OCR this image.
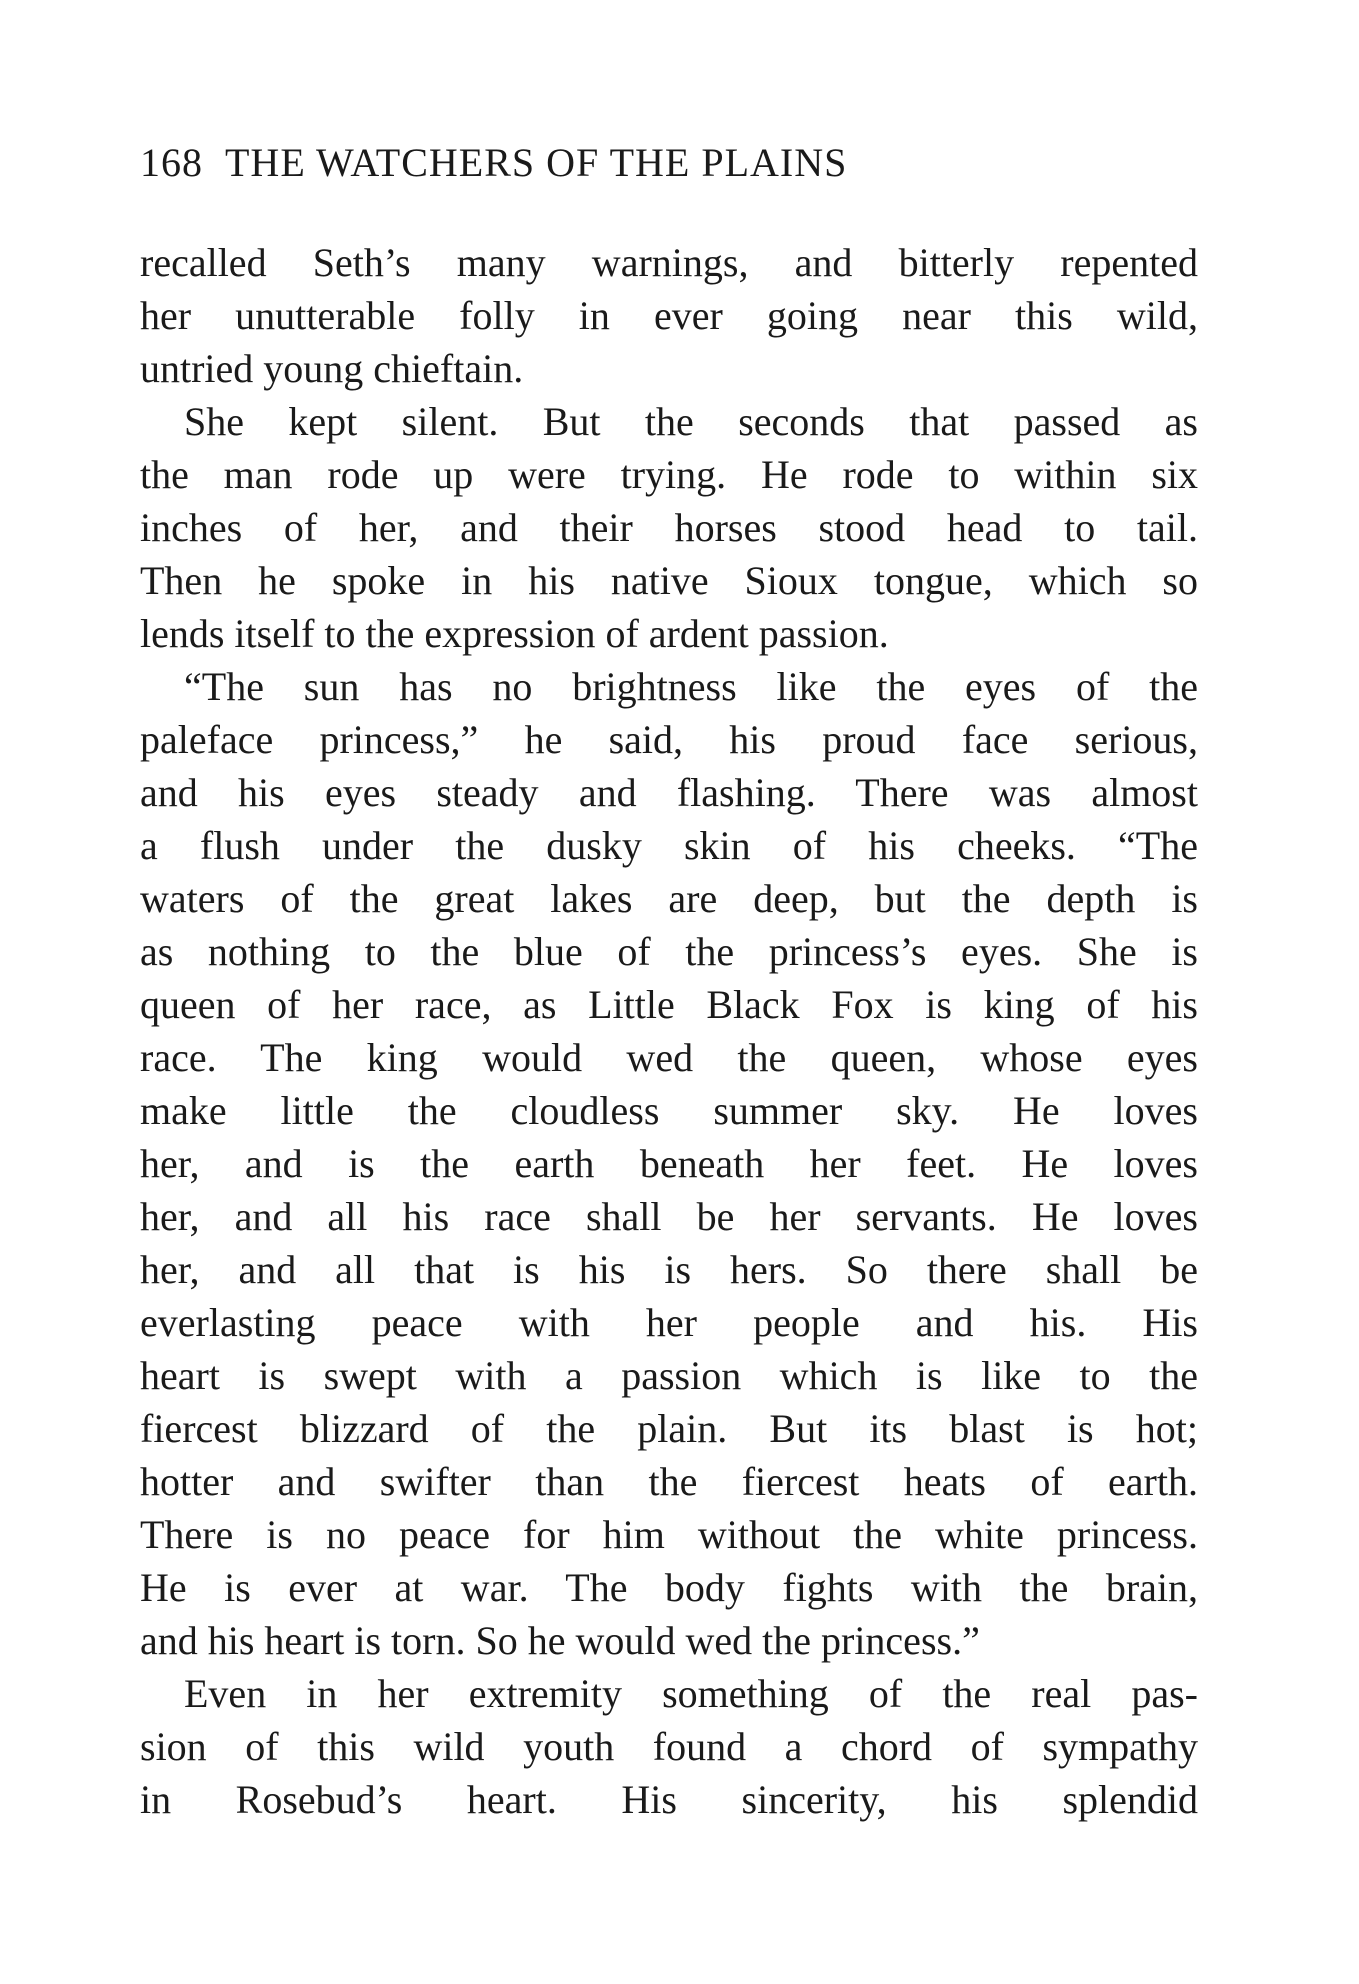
168 THE WATCHERS OF THE PLAINS
recalled Seth’s many warnings, and bitterly repented
her unutterable folly in ever going near this wild,
untried young chieftain.
She kept silent. But the seconds that passed as
the man rode up were trying. He rode to within six
inches of her, and their horses stood head to tail.
Then he spoke in his native Sioux tongue, which so
lends itself to the expression of ardent passion.
“The sun has no brightness like the eyes of the
paleface princess,” he said, his proud face serious,
and his eyes steady and flashing. There was almost
a flush under the dusky skin of his cheeks. “The
waters of the great lakes are deep, but the depth is
as nothing to the blue of the princess’s eyes. She is
queen of her race, as Little Black Fox is king of his
race. The king would wed the queen, whose eyes
make little the cloudless summer sky. He loves
her, and is the earth beneath her feet. He loves
her, and all his race shall be her servants. He loves
her, and all that is his is hers. So there shall be
everlasting peace with her people and his. His
heart is swept with a passion which is like to the
fiercest blizzard of the plain. But its blast is hot;
hotter and swifter than the fiercest heats of earth.
There is no peace for him without the white princess.
He is ever at war. The body fights with the brain,
and his heart is torn. So he would wed the princess.”
Even in her extremity something of the real pas-
sion of this wild youth found a chord of sympathy
in Rosebud’s heart. His sincerity, his splendid
